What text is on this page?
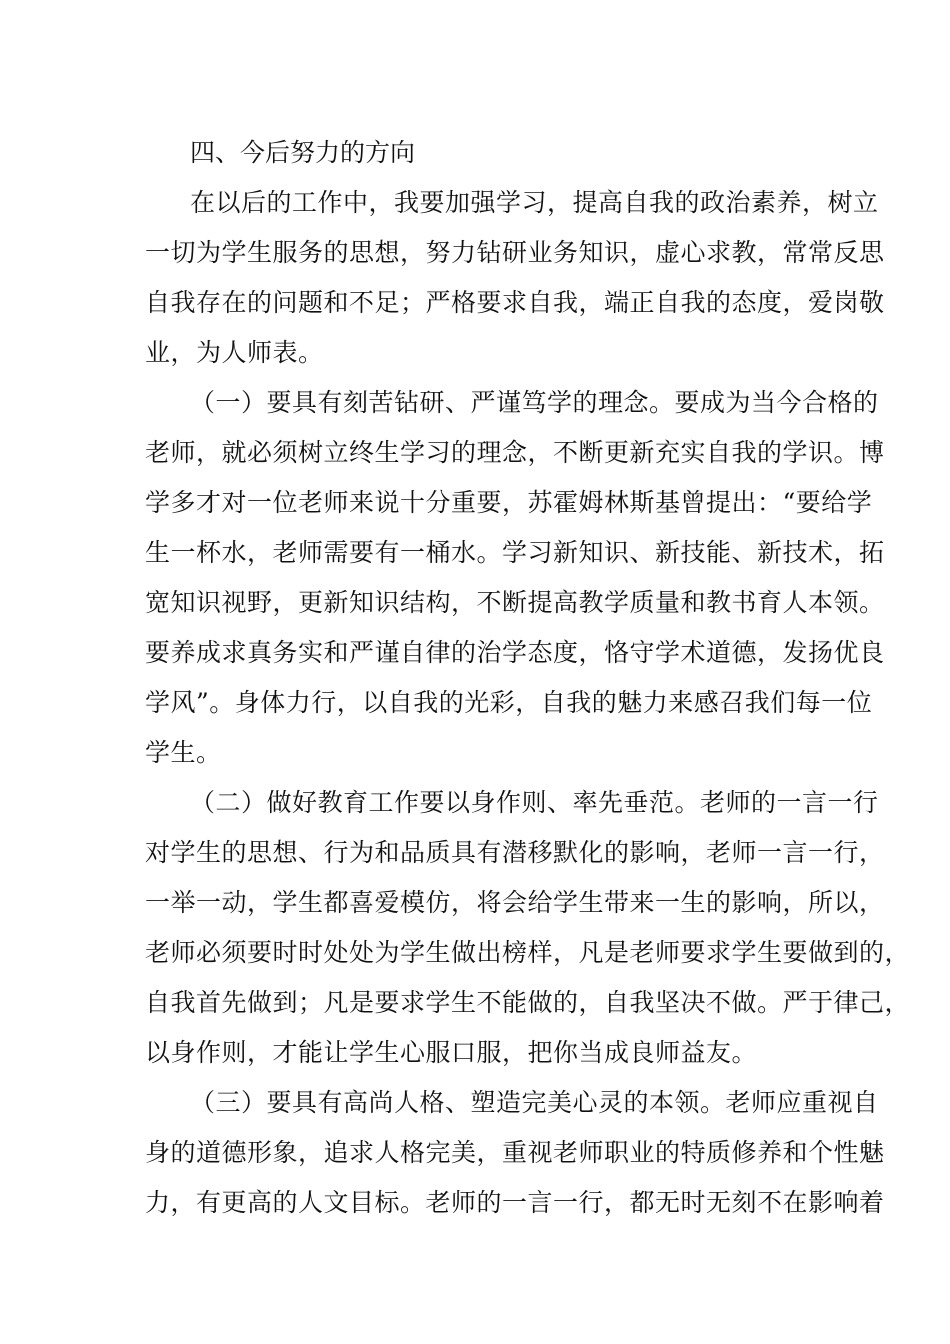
四、今后努力的方向
在以后的工作中，我要加强学习，提高自我的政治素养，树立
一切为学生服务的思想，努力钻研业务知识，虚心求教，常常反思
自我存在的问题和不足；严格要求自我，端正自我的态度，爱岗敬
业，为人师表。
（一）要具有刻苦钻研、严谨笃学的理念。要成为当今合格的
老师，就必须树立终生学习的理念，不断更新充实自我的学识。博
学多才对一位老师来说十分重要，苏霍姆林斯基曾提出：“要给学
生一杯水，老师需要有一桶水。学习新知识、新技能、新技术，拓
宽知识视野，更新知识结构，不断提高教学质量和教书育人本领。
要养成求真务实和严谨自律的治学态度，恪守学术道德，发扬优良
学风”。身体力行，以自我的光彩，自我的魅力来感召我们每一位
学生。
（二）做好教育工作要以身作则、率先垂范。老师的一言一行
对学生的思想、行为和品质具有潜移默化的影响，老师一言一行，
一举一动，学生都喜爱模仿，将会给学生带来一生的影响，所以，
老师必须要时时处处为学生做出榜样，凡是老师要求学生要做到的，
自我首先做到；凡是要求学生不能做的，自我坚决不做。严于律己，
以身作则，才能让学生心服口服，把你当成良师益友。
（三）要具有高尚人格、塑造完美心灵的本领。老师应重视自
身的道德形象，追求人格完美，重视老师职业的特质修养和个性魅
力，有更高的人文目标。老师的一言一行，都无时无刻不在影响着
